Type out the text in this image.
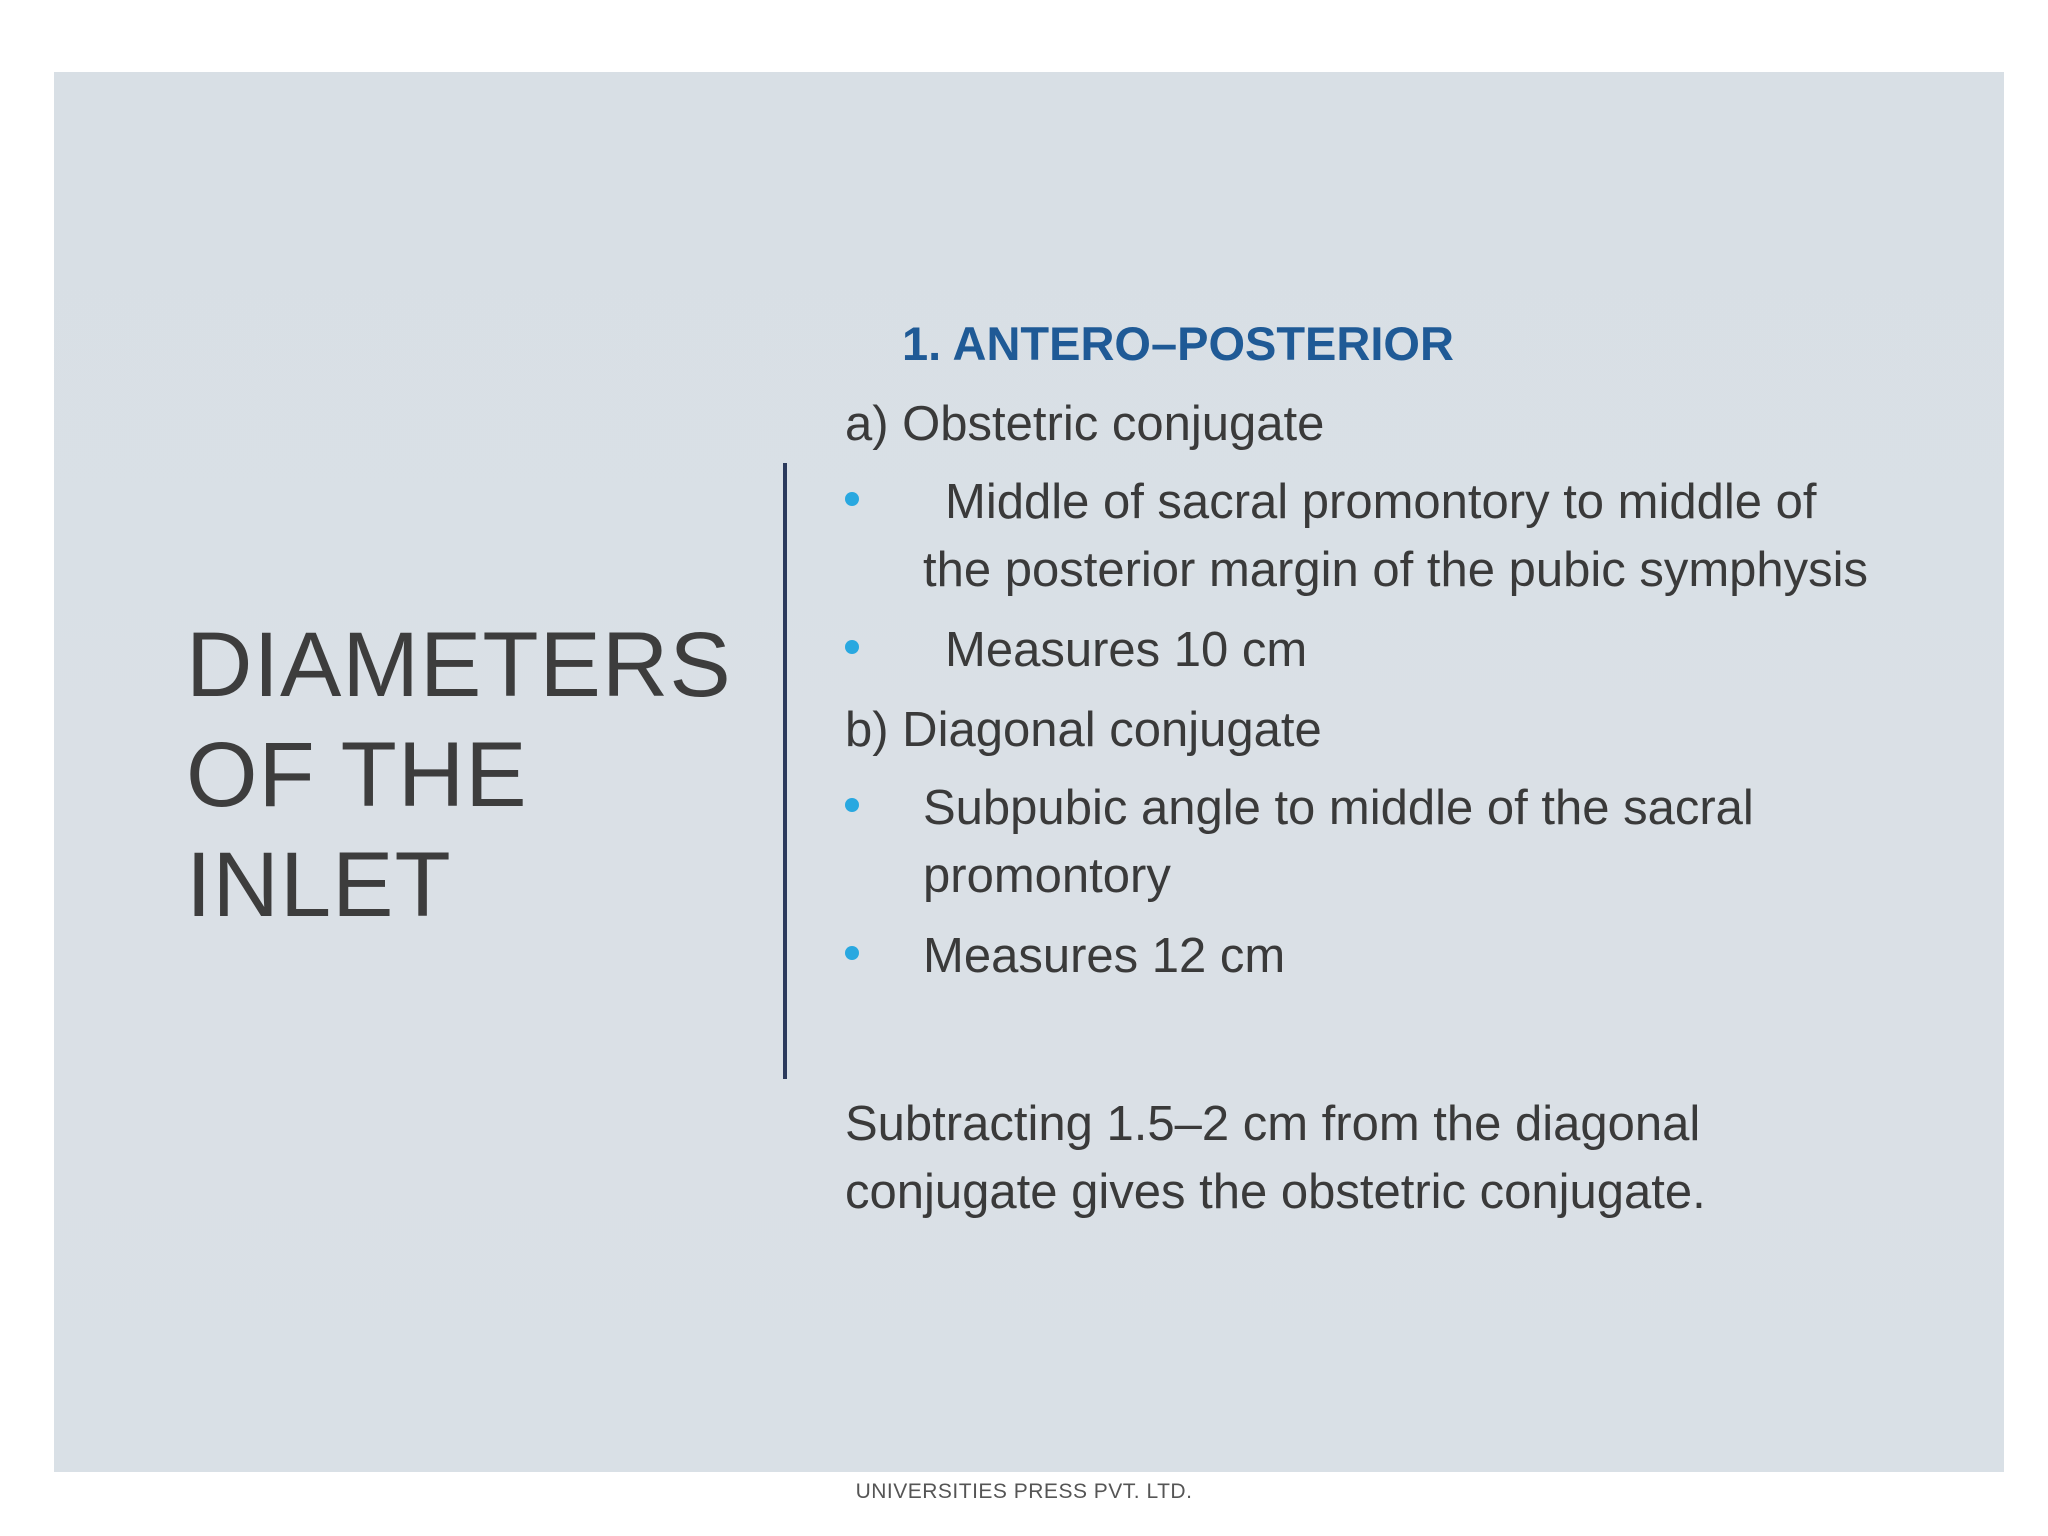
DIAMETERS
OF THE
INLET
1. ANTERO–POSTERIOR
a) Obstetric conjugate
Middle of sacral promontory to middle of
the posterior margin of the pubic symphysis
Measures 10 cm
b) Diagonal conjugate
Subpubic angle to middle of the sacral
promontory
Measures 12 cm
Subtracting 1.5–2 cm from the diagonal
conjugate gives the obstetric conjugate.
UNIVERSITIES PRESS PVT. LTD.
